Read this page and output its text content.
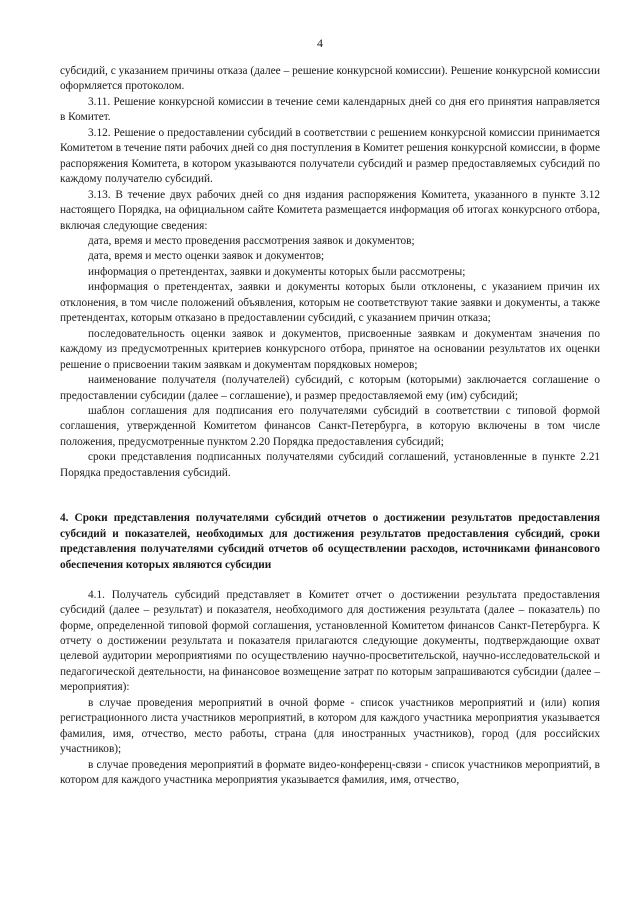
4

субсидий, с указанием причины отказа (далее – решение конкурсной комиссии). Решение конкурсной комиссии оформляется протоколом.

3.11. Решение конкурсной комиссии в течение семи календарных дней со дня его принятия направляется в Комитет.

3.12. Решение о предоставлении субсидий в соответствии с решением конкурсной комиссии принимается Комитетом в течение пяти рабочих дней со дня поступления в Комитет решения конкурсной комиссии, в форме распоряжения Комитета, в котором указываются получатели субсидий и размер предоставляемых субсидий по каждому получателю субсидий.

3.13. В течение двух рабочих дней со дня издания распоряжения Комитета, указанного в пункте 3.12 настоящего Порядка, на официальном сайте Комитета размещается информация об итогах конкурсного отбора, включая следующие сведения:

дата, время и место проведения рассмотрения заявок и документов;

дата, время и место оценки заявок и документов;

информация о претендентах, заявки и документы которых были рассмотрены;

информация о претендентах, заявки и документы которых были отклонены, с указанием причин их отклонения, в том числе положений объявления, которым не соответствуют такие заявки и документы, а также претендентах, которым отказано в предоставлении субсидий, с указанием причин отказа;

последовательность оценки заявок и документов, присвоенные заявкам и документам значения по каждому из предусмотренных критериев конкурсного отбора, принятое на основании результатов их оценки решение о присвоении таким заявкам и документам порядковых номеров;

наименование получателя (получателей) субсидий, с которым (которыми) заключается соглашение о предоставлении субсидии (далее – соглашение), и размер предоставляемой ему (им) субсидий;

шаблон соглашения для подписания его получателями субсидий в соответствии с типовой формой соглашения, утвержденной Комитетом финансов Санкт-Петербурга, в которую включены в том числе положения, предусмотренные пунктом 2.20 Порядка предоставления субсидий;

сроки представления подписанных получателями субсидий соглашений, установленные в пункте 2.21 Порядка предоставления субсидий.

4. Сроки представления получателями субсидий отчетов о достижении результатов предоставления субсидий и показателей, необходимых для достижения результатов предоставления субсидий, сроки представления получателями субсидий отчетов об осуществлении расходов, источниками финансового обеспечения которых являются субсидии

4.1. Получатель субсидий представляет в Комитет отчет о достижении результата предоставления субсидий (далее – результат) и показателя, необходимого для достижения результата (далее – показатель) по форме, определенной типовой формой соглашения, установленной Комитетом финансов Санкт-Петербурга. К отчету о достижении результата и показателя прилагаются следующие документы, подтверждающие охват целевой аудитории мероприятиями по осуществлению научно-просветительской, научно-исследовательской и педагогической деятельности, на финансовое возмещение затрат по которым запрашиваются субсидии (далее – мероприятия):

в случае проведения мероприятий в очной форме - список участников мероприятий и (или) копия регистрационного листа участников мероприятий, в котором для каждого участника мероприятия указывается фамилия, имя, отчество, место работы, страна (для иностранных участников), город (для российских участников);

в случае проведения мероприятий в формате видео-конференц-связи - список участников мероприятий, в котором для каждого участника мероприятия указывается фамилия, имя, отчество,
